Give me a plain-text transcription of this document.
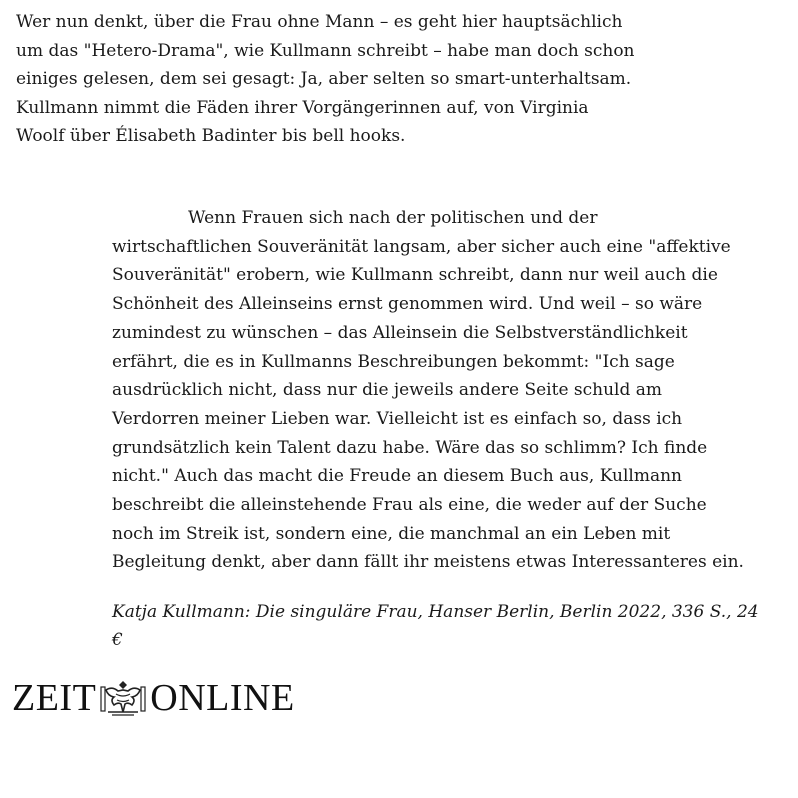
Wer nun denkt, über die Frau ohne Mann – es geht hier hauptsächlich
um das "Hetero-Drama", wie Kullmann schreibt – habe man doch schon
einiges gelesen, dem sei gesagt: Ja, aber selten so smart-unterhaltsam.
Kullmann nimmt die Fäden ihrer Vorgängerinnen auf, von Virginia
Woolf über Élisabeth Badinter bis bell hooks.
Wenn Frauen sich nach der politischen und der
wirtschaftlichen Souveränität langsam, aber sicher auch eine "affektive
Souveränität" erobern, wie Kullmann schreibt, dann nur weil auch die
Schönheit des Alleinseins ernst genommen wird. Und weil – so wäre
zumindest zu wünschen – das Alleinsein die Selbstverständlichkeit
erfährt, die es in Kullmanns Beschreibungen bekommt: "Ich sage
ausdrücklich nicht, dass nur die jeweils andere Seite schuld am
Verdorren meiner Lieben war. Vielleicht ist es einfach so, dass ich
grundsätzlich kein Talent dazu habe. Wäre das so schlimm? Ich finde
nicht." Auch das macht die Freude an diesem Buch aus, Kullmann
beschreibt die alleinstehende Frau als eine, die weder auf der Suche
noch im Streik ist, sondern eine, die manchmal an ein Leben mit
Begleitung denkt, aber dann fällt ihr meistens etwas Interessanteres ein.
Katja Kullmann: Die singuläre Frau, Hanser Berlin, Berlin 2022, 336 S., 24
€
ZEIT ONLINE
